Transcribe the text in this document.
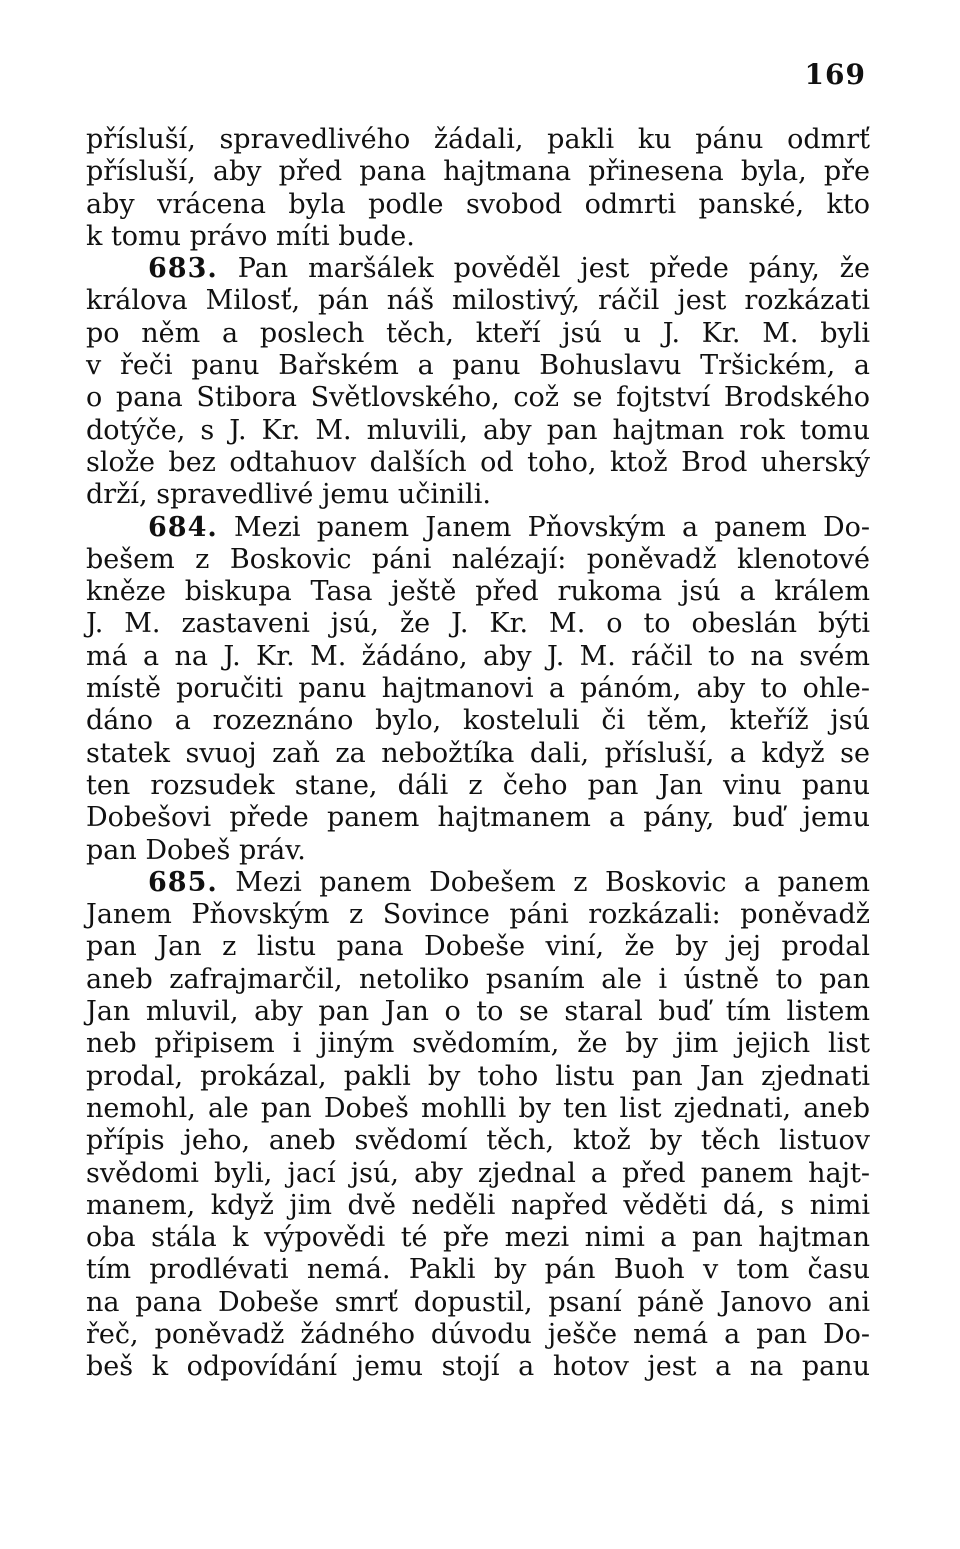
169
přísluší, spravedlivého žádali, pakli ku pánu odmrť
přísluší, aby před pana hajtmana přinesena byla, pře
aby vrácena byla podle svobod odmrti panské, kto
k tomu právo míti bude.
683. Pan maršálek pověděl jest přede pány, že
králova Milosť, pán náš milostivý, ráčil jest rozkázati
po něm a poslech těch, kteří jsú u J. Kr. M. byli
v řeči panu Bařském a panu Bohuslavu Tršickém, a
o pana Stibora Světlovského, což se fojtství Brodského
dotýče, s J. Kr. M. mluvili, aby pan hajtman rok tomu
slože bez odtahuov dalších od toho, ktož Brod uherský
drží, spravedlivé jemu učinili.
684. Mezi panem Janem Pňovským a panem Do-
bešem z Boskovic páni nalézají: poněvadž klenotové
kněze biskupa Tasa ještě před rukoma jsú a králem
J. M. zastaveni jsú, že J. Kr. M. o to obeslán býti
má a na J. Kr. M. žádáno, aby J. M. ráčil to na svém
místě poručiti panu hajtmanovi a pánóm, aby to ohle-
dáno a rozeznáno bylo, kosteluli či těm, kteříž jsú
statek svuoj zaň za nebožtíka dali, přísluší, a když se
ten rozsudek stane, dáli z čeho pan Jan vinu panu
Dobešovi přede panem hajtmanem a pány, buď jemu
pan Dobeš práv.
685. Mezi panem Dobešem z Boskovic a panem
Janem Pňovským z Sovince páni rozkázali: poněvadž
pan Jan z listu pana Dobeše viní, že by jej prodal
aneb zafrajmarčil, netoliko psaním ale i ústně to pan
Jan mluvil, aby pan Jan o to se staral buď tím listem
neb připisem i jiným svědomím, že by jim jejich list
prodal, prokázal, pakli by toho listu pan Jan zjednati
nemohl, ale pan Dobeš mohlli by ten list zjednati, aneb
přípis jeho, aneb svědomí těch, ktož by těch listuov
svědomi byli, jací jsú, aby zjednal a před panem hajt-
manem, když jim dvě neděli napřed věděti dá, s nimi
oba stála k výpovědi té pře mezi nimi a pan hajtman
tím prodlévati nemá. Pakli by pán Buoh v tom času
na pana Dobeše smrť dopustil, psaní páně Janovo ani
řeč, poněvadž žádného dúvodu ješče nemá a pan Do-
beš k odpovídání jemu stojí a hotov jest a na panu
